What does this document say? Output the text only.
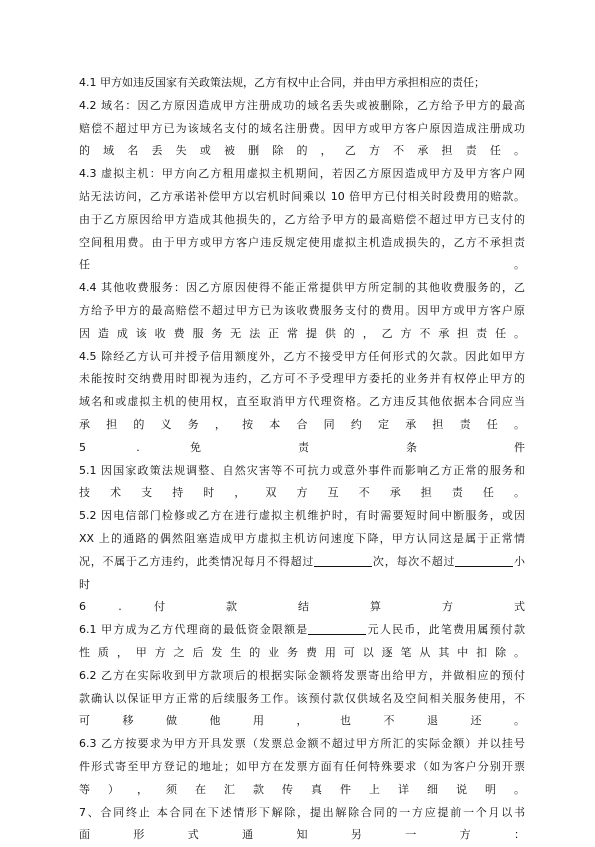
4.1 甲方如违反国家有关政策法规，乙方有权中止合同，并由甲方承担相应的责任；
4.2 域名：因乙方原因造成甲方注册成功的域名丢失或被删除，乙方给予甲方的最高
赔偿不超过甲方已为该域名支付的域名注册费。因甲方或甲方客户原因造成注册成功
的 域 名 丢 失 或 被 删 除 的 ， 乙 方 不 承 担 责 任 。
4.3 虚拟主机：甲方向乙方租用虚拟主机期间，若因乙方原因造成甲方及甲方客户网
站无法访问，乙方承诺补偿甲方以宕机时间乘以 10 倍甲方已付相关时段费用的赔款。
由于乙方原因给甲方造成其他损失的，乙方给予甲方的最高赔偿不超过甲方已支付的
空间租用费。由于甲方或甲方客户违反规定使用虚拟主机造成损失的，乙方不承担责
任 。
4.4 其他收费服务：因乙方原因使得不能正常提供甲方所定制的其他收费服务的，乙
方给予甲方的最高赔偿不超过甲方已为该收费服务支付的费用。因甲方或甲方客户原
因 造 成 该 收 费 服 务 无 法 正 常 提 供 的 ， 乙 方 不 承 担 责 任 。
4.5 除经乙方认可并授予信用额度外，乙方不接受甲方任何形式的欠款。因此如甲方
未能按时交纳费用时即视为违约，乙方可不予受理甲方委托的业务并有权停止甲方的
域名和或虚拟主机的使用权，直至取消甲方代理资格。乙方违反其他依据本合同应当
承 担 的 义 务 ， 按 本 合 同 约 定 承 担 责 任 。
5 . 免 责 条 件
5.1 因国家政策法规调整、自然灾害等不可抗力或意外事件而影响乙方正常的服务和
技 术 支 持 时 ， 双 方 互 不 承 担 责 任 。
5.2 因电信部门检修或乙方在进行虚拟主机维护时，有时需要短时间中断服务，或因
XX 上的通路的偶然阻塞造成甲方虚拟主机访问速度下降，甲方认同这是属于正常情
况，不属于乙方违约，此类情况每月不得超过	次，每次不超过	小
时
6 . 付 款 结 算 方 式
6.1 甲方成为乙方代理商的最低资金限额是	元人民币，此笔费用属预付款
性 质 ， 甲 方 之 后 发 生 的 业 务 费 用 可 以 逐 笔 从 其 中 扣 除 。
6.2 乙方在实际收到甲方款项后的根据实际金额将发票寄出给甲方，并做相应的预付
款确认以保证甲方正常的后续服务工作。该预付款仅供域名及空间相关服务使用，不
可 移 做 他 用 ， 也 不 退 还 。
6.3 乙方按要求为甲方开具发票（发票总金额不超过甲方所汇的实际金额）并以挂号
件形式寄至甲方登记的地址；如甲方在发票方面有任何特殊要求（如为客户分别开票
等 ） ， 须 在 汇 款 传 真 件 上 详 细 说 明 。
7、合同终止 本合同在下述情形下解除，提出解除合同的一方应提前一个月以书
面 形 式 通 知 另 一 方 ：
